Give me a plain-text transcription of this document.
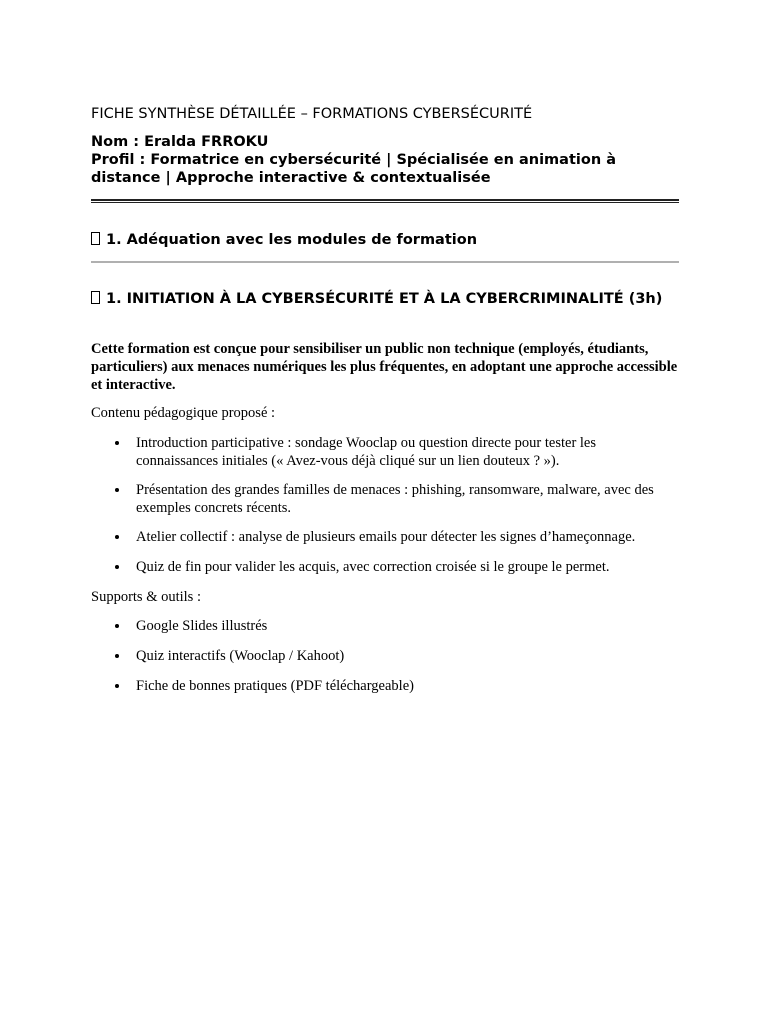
FICHE SYNTHÈSE DÉTAILLÉE – FORMATIONS CYBERSÉCURITÉ
Nom : Eralda FRROKU
Profil : Formatrice en cybersécurité | Spécialisée en animation à distance | Approche interactive & contextualisée
1. Adéquation avec les modules de formation
1. INITIATION À LA CYBERSÉCURITÉ ET À LA CYBERCRIMINALITÉ (3h)
Cette formation est conçue pour sensibiliser un public non technique (employés, étudiants, particuliers) aux menaces numériques les plus fréquentes, en adoptant une approche accessible et interactive.
Contenu pédagogique proposé :
Introduction participative : sondage Wooclap ou question directe pour tester les connaissances initiales (« Avez-vous déjà cliqué sur un lien douteux ? »).
Présentation des grandes familles de menaces : phishing, ransomware, malware, avec des exemples concrets récents.
Atelier collectif : analyse de plusieurs emails pour détecter les signes d’hameçonnage.
Quiz de fin pour valider les acquis, avec correction croisée si le groupe le permet.
Supports & outils :
Google Slides illustrés
Quiz interactifs (Wooclap / Kahoot)
Fiche de bonnes pratiques (PDF téléchargeable)
